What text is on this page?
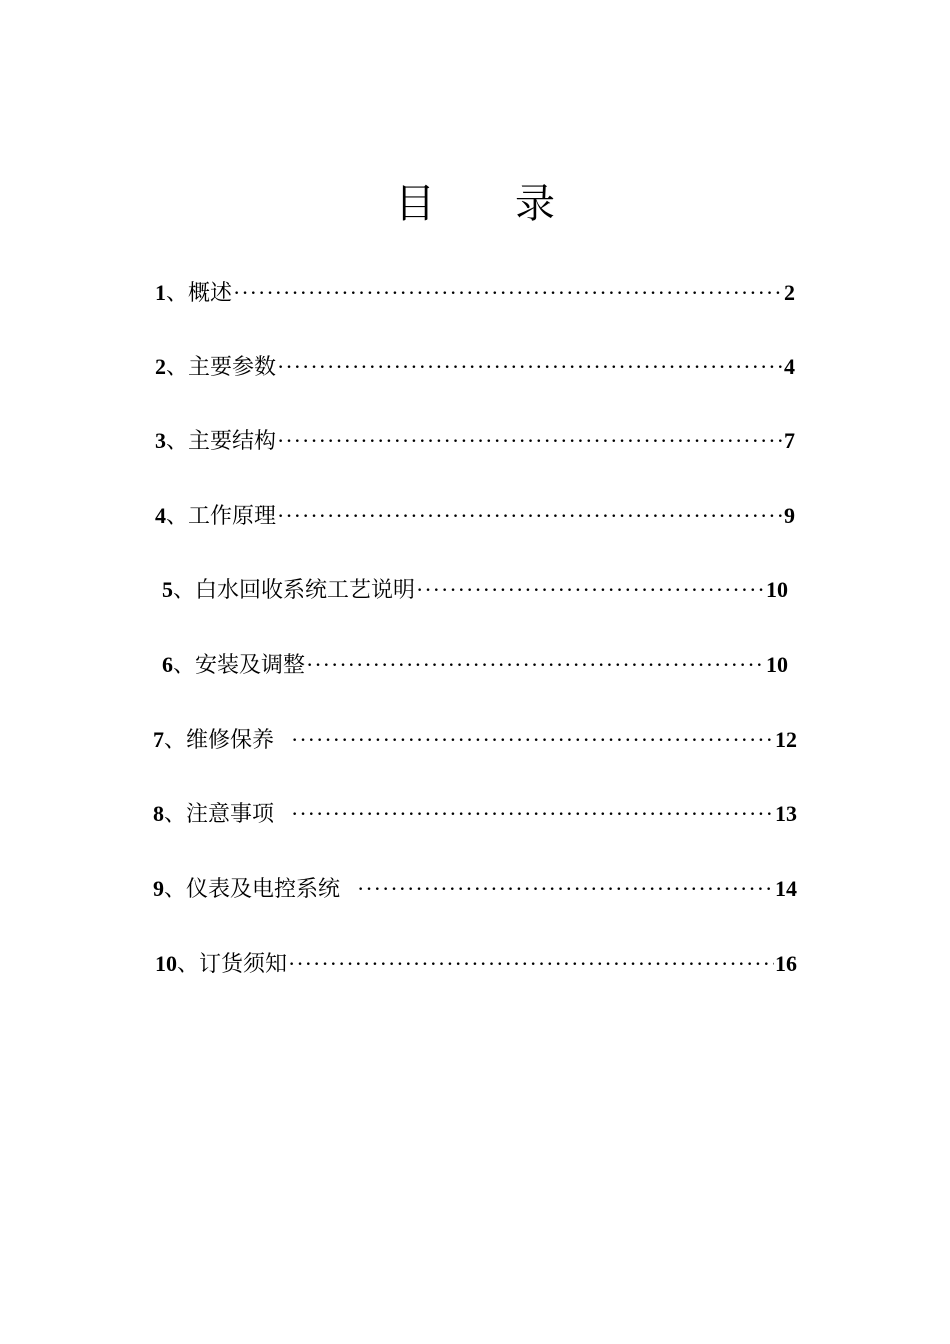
目 录
1 、 概述 ·····	2
2 、 主要参数 ·····	4
3 、 主要结构 ·····	7
4 、 工作原理 ·····	9
5 、 白水回收系统工艺说明 ·····	10
6 、 安装及调整 ·····	10
7 、 维修保养 ·····	12
8 、 注意事项 ·····	13
9 、 仪表及电控系统 ·····	14
10 、 订货须知 ·····	16
